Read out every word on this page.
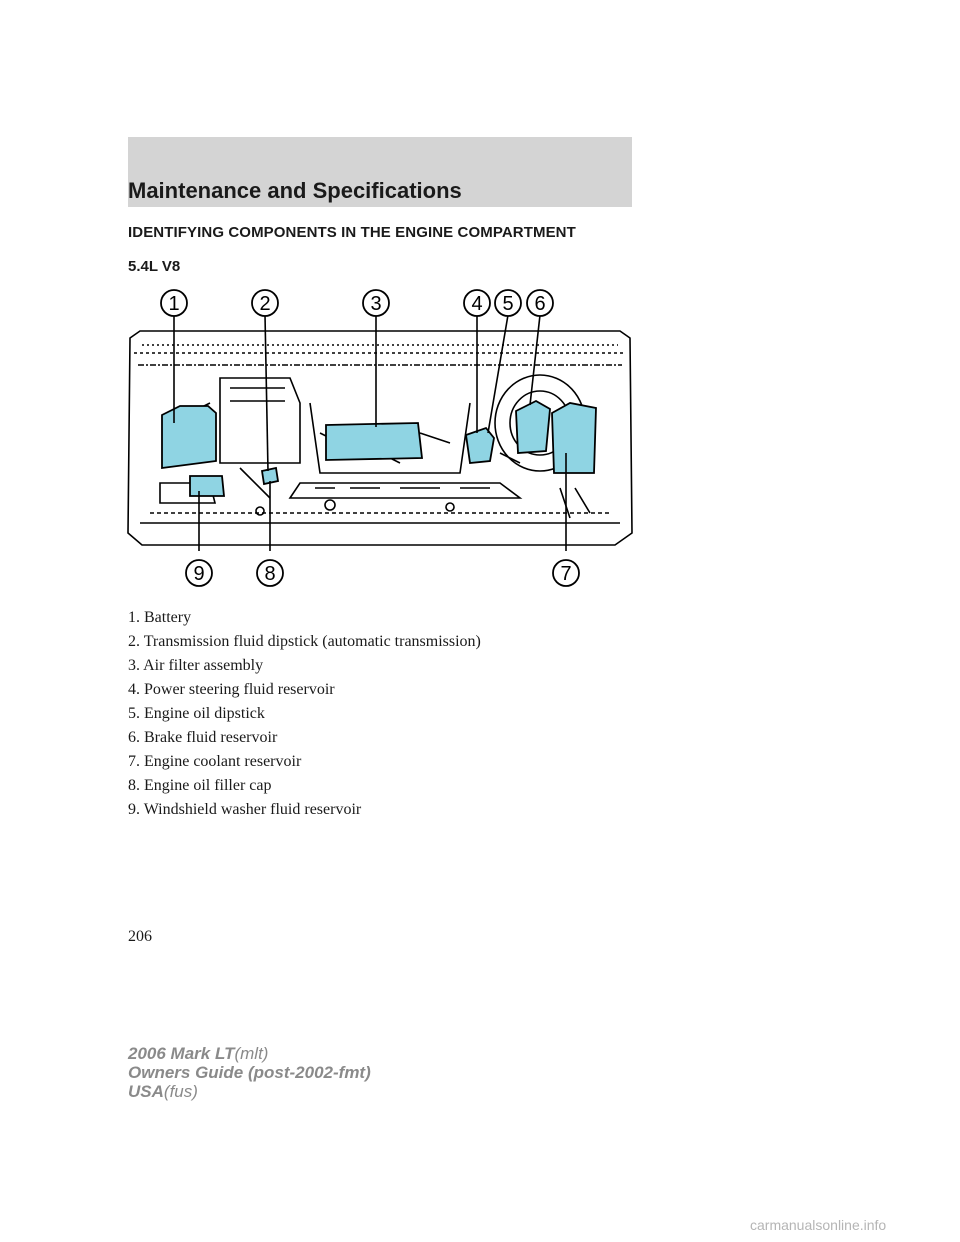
Maintenance and Specifications
IDENTIFYING COMPONENTS IN THE ENGINE COMPARTMENT
5.4L V8
1	2	3	4 5 6
7
8
9
1. Battery
2. Transmission fluid dipstick (automatic transmission)
3. Air filter assembly
4. Power steering fluid reservoir
5. Engine oil dipstick
6. Brake fluid reservoir
7. Engine coolant reservoir
8. Engine oil filler cap
9. Windshield washer fluid reservoir
206
2006 Mark LT(mlt)
Owners Guide (post-2002-fmt)
USA(fus)
carmanualsonline.info
